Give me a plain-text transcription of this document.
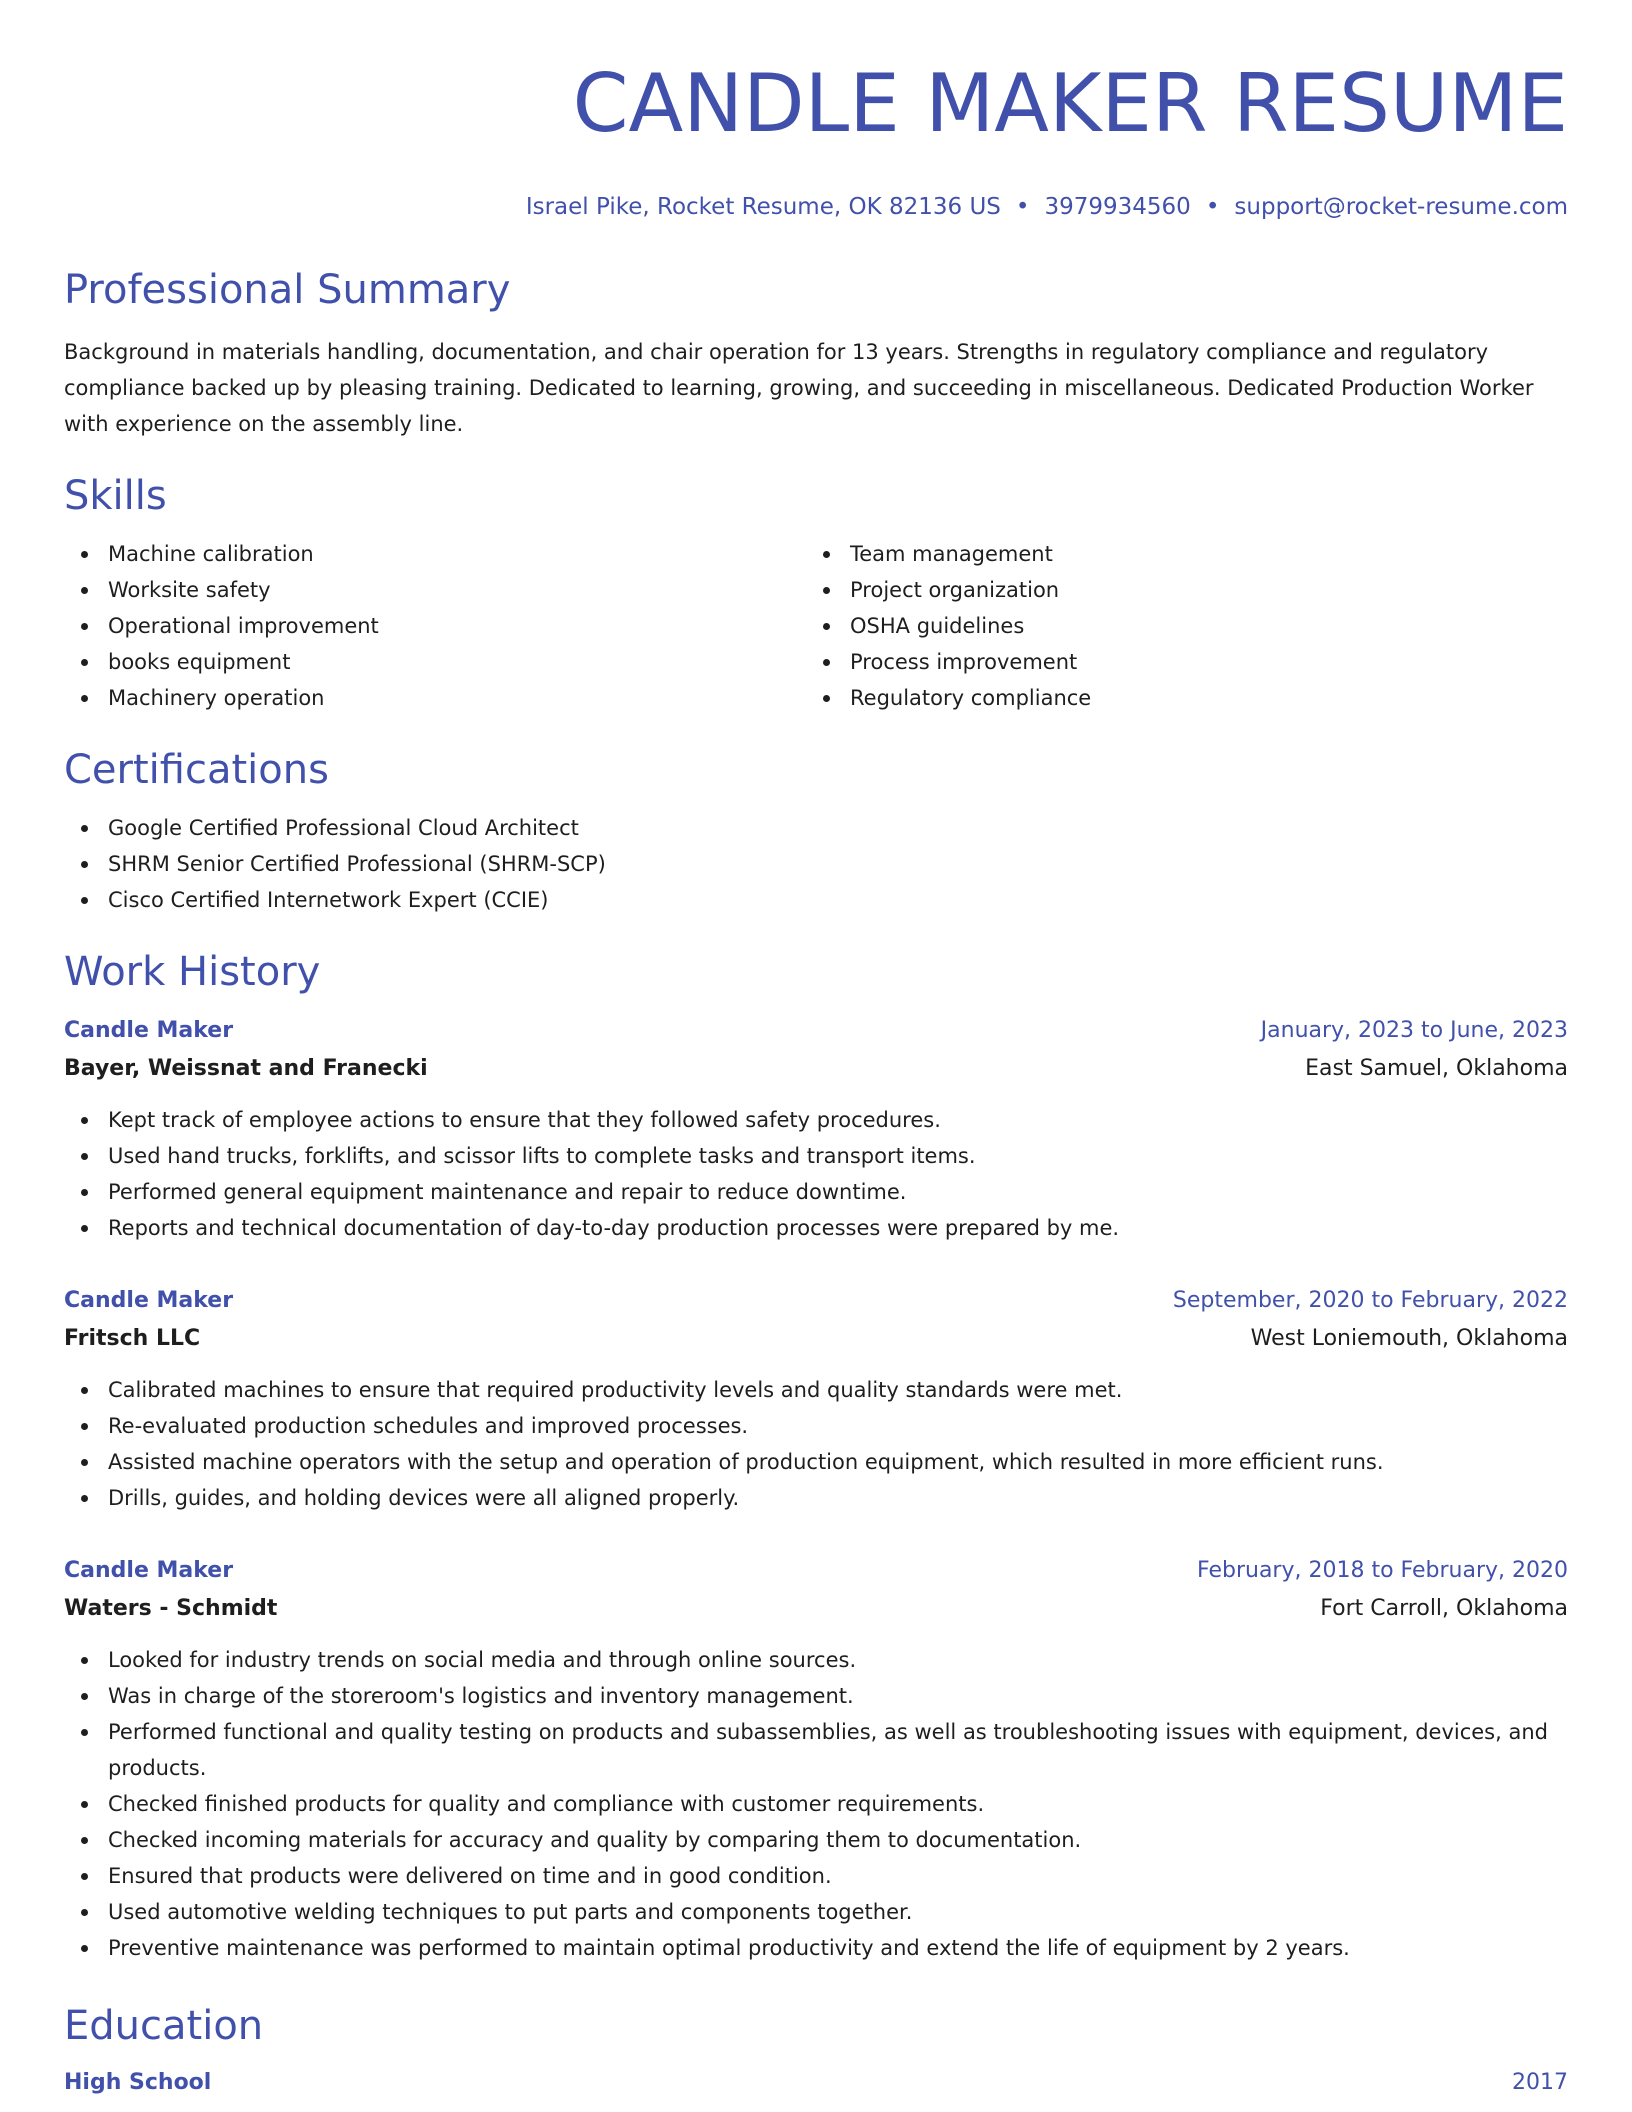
CANDLE MAKER RESUME
Israel Pike, Rocket Resume, OK 82136 US • 3979934560 • support@rocket-resume.com
Professional Summary

Background in materials handling, documentation, and chair operation for 13 years. Strengths in regulatory compliance and regulatory compliance backed up by pleasing training. Dedicated to learning, growing, and succeeding in miscellaneous. Dedicated Production Worker with experience on the assembly line.

Skills
Machine calibration
Worksite safety
Operational improvement
books equipment
Machinery operation
Team management
Project organization
OSHA guidelines
Process improvement
Regulatory compliance
Certifications
Google Certified Professional Cloud Architect
SHRM Senior Certified Professional (SHRM-SCP)
Cisco Certified Internetwork Expert (CCIE)
Work History
Candle Maker	January, 2023 to June, 2023
Bayer, Weissnat and Franecki	East Samuel, Oklahoma
Kept track of employee actions to ensure that they followed safety procedures.
Used hand trucks, forklifts, and scissor lifts to complete tasks and transport items.
Performed general equipment maintenance and repair to reduce downtime.
Reports and technical documentation of day-to-day production processes were prepared by me.
Candle Maker	September, 2020 to February, 2022
Fritsch LLC	West Loniemouth, Oklahoma
Calibrated machines to ensure that required productivity levels and quality standards were met.
Re-evaluated production schedules and improved processes.
Assisted machine operators with the setup and operation of production equipment, which resulted in more efficient runs.
Drills, guides, and holding devices were all aligned properly.
Candle Maker	February, 2018 to February, 2020
Waters - Schmidt	Fort Carroll, Oklahoma
Looked for industry trends on social media and through online sources.
Was in charge of the storeroom's logistics and inventory management.
Performed functional and quality testing on products and subassemblies, as well as troubleshooting issues with equipment, devices, and products.
Checked finished products for quality and compliance with customer requirements.
Checked incoming materials for accuracy and quality by comparing them to documentation.
Ensured that products were delivered on time and in good condition.
Used automotive welding techniques to put parts and components together.
Preventive maintenance was performed to maintain optimal productivity and extend the life of equipment by 2 years.
Education
High School	2017
